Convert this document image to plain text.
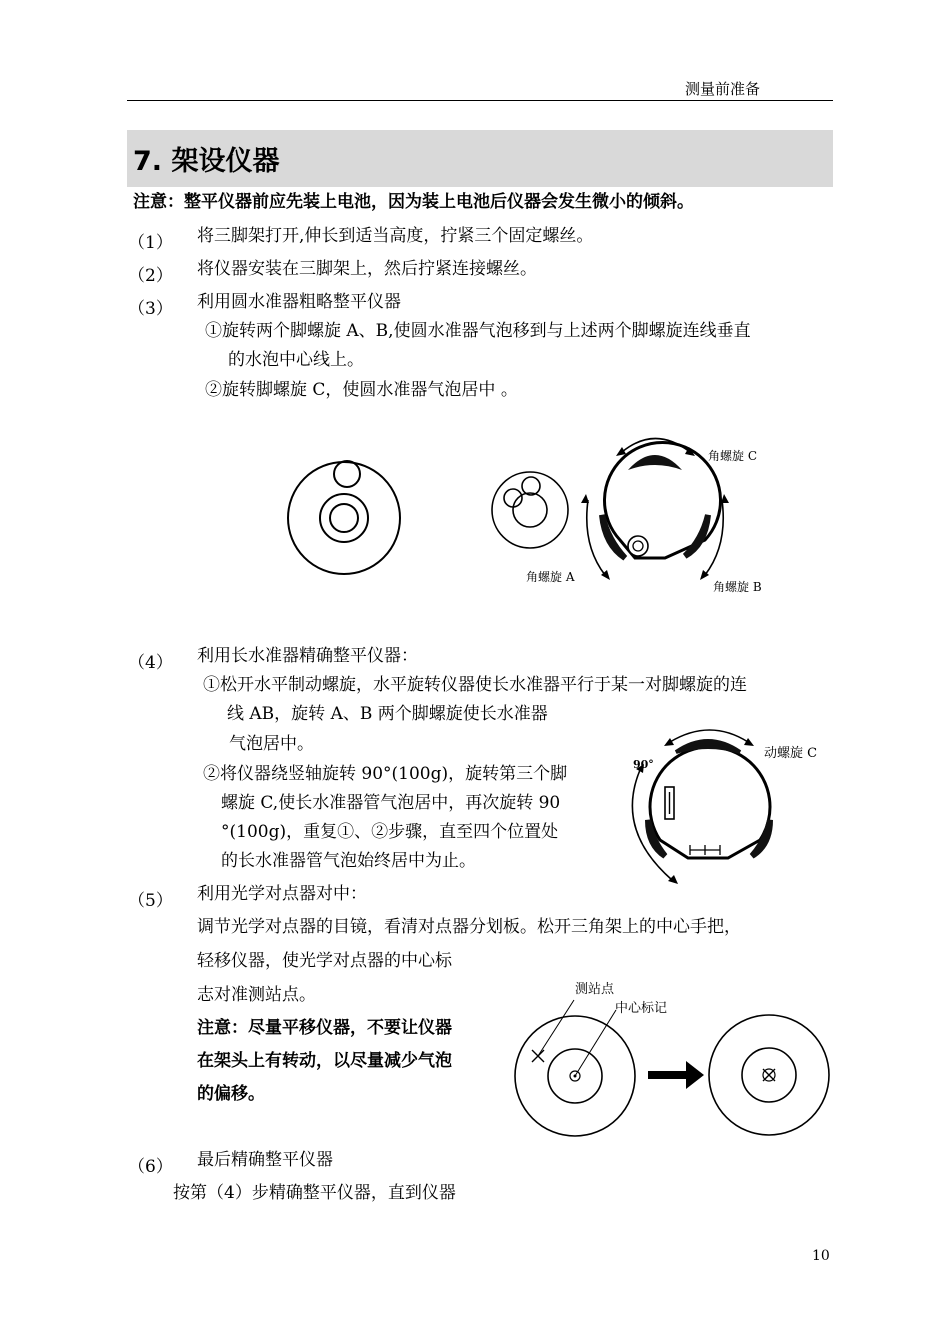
测量前准备
7. 架设仪器
注意：整平仪器前应先装上电池，因为装上电池后仪器会发生微小的倾斜。
（1） 将三脚架打开,伸长到适当高度，拧紧三个固定螺丝。
（2） 将仪器安装在三脚架上，然后拧紧连接螺丝。
（3） 利用圆水准器粗略整平仪器
①旋转两个脚螺旋 A、B,使圆水准器气泡移到与上述两个脚螺旋连线垂直
的水泡中心线上。
②旋转脚螺旋 C，使圆水准器气泡居中 。
角螺旋 C
角螺旋 A
角螺旋 B
（4） 利用长水准器精确整平仪器：
①松开水平制动螺旋，水平旋转仪器使长水准器平行于某一对脚螺旋的连
线 AB，旋转 A、B 两个脚螺旋使长水准器
气泡居中。
②将仪器绕竖轴旋转 90°(100g)，旋转第三个脚
螺旋 C,使长水准器管气泡居中，再次旋转 90
°(100g)，重复①、②步骤，直至四个位置处
的长水准器管气泡始终居中为止。
90°
动螺旋 C
（5） 利用光学对点器对中：
调节光学对点器的目镜，看清对点器分划板。松开三角架上的中心手把，
轻移仪器，使光学对点器的中心标
志对准测站点。
注意：尽量平移仪器，不要让仪器
在架头上有转动，以尽量减少气泡
的偏移。
测站点
中心标记
（6） 最后精确整平仪器
按第（4）步精确整平仪器，直到仪器
10
